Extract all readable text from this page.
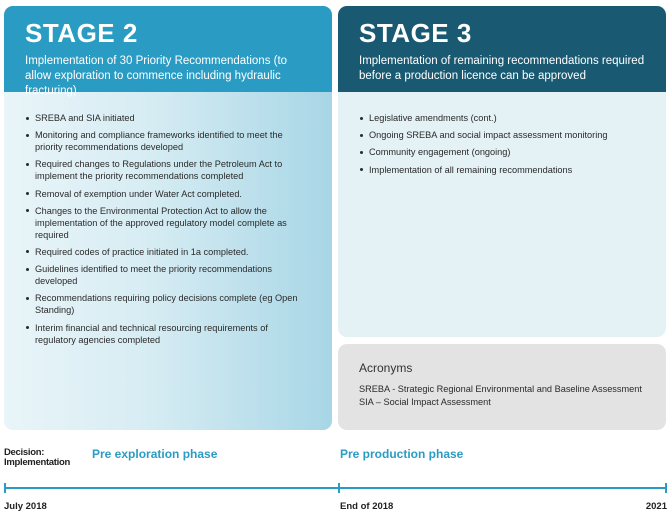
STAGE 2
Implementation of 30 Priority Recommendations (to allow exploration to commence including hydraulic fracturing)
SREBA and SIA initiated
Monitoring and compliance frameworks identified to meet the priority recommendations developed
Required changes to Regulations under the Petroleum Act to implement the priority recommendations completed
Removal of exemption under Water Act completed.
Changes to the Environmental Protection Act to allow the implementation of the approved regulatory model complete as required
Required codes of practice initiated in 1a completed.
Guidelines identified to meet the priority recommendations developed
Recommendations requiring policy decisions complete (eg Open Standing)
Interim financial and technical resourcing requirements of regulatory agencies completed
STAGE 3
Implementation of remaining recommendations required before a production licence can be approved
Legislative amendments (cont.)
Ongoing SREBA and social impact assessment monitoring
Community engagement (ongoing)
Implementation of all remaining recommendations
Acronyms
SREBA - Strategic Regional Environmental and Baseline Assessment
SIA – Social Impact Assessment
Decision:
Implementation
Pre exploration phase	Pre production phase
July 2018	End of 2018	2021
